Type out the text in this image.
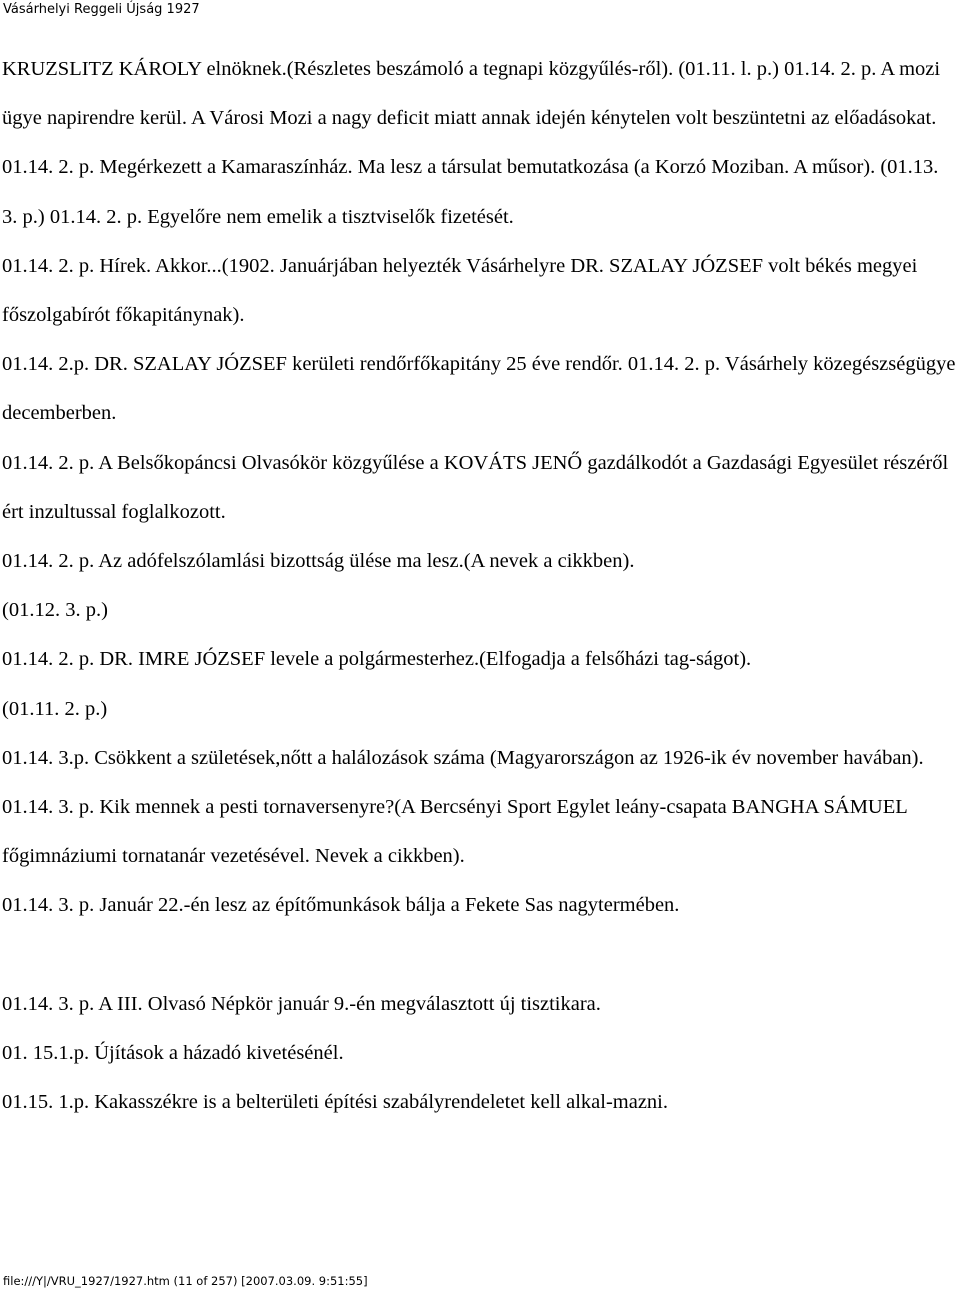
Vásárhelyi Reggeli Újság 1927

KRUZSLITZ KÁROLY elnöknek.(Részletes beszámoló a tegnapi közgyűlés-ről). (01.11. l. p.) 01.14. 2. p. A mozi ügye napirendre kerül. A Városi Mozi a nagy deficit miatt annak idején kénytelen volt beszüntetni az előadásokat.

01.14. 2. p. Megérkezett a Kamaraszínház. Ma lesz a társulat bemutatkozása (a Korzó Moziban. A műsor). (01.13. 3. p.) 01.14. 2. p. Egyelőre nem emelik a tisztviselők fizetését.

01.14. 2. p. Hírek. Akkor...(1902. Januárjában helyezték Vásárhelyre DR. SZALAY JÓZSEF volt békés megyei főszolgabírót főkapitánynak).

01.14. 2.p. DR. SZALAY JÓZSEF kerületi rendőrfőkapitány 25 éve rendőr. 01.14. 2. p. Vásárhely közegészségügye decemberben.

01.14. 2. p. A Belsőkopáncsi Olvasókör közgyűlése a KOVÁTS JENŐ gazdálkodót a Gazdasági Egyesület részéről ért inzultussal foglalkozott.

01.14. 2. p. Az adófelszólamlási bizottság ülése ma lesz.(A nevek a cikkben).

(01.12. 3. p.)

01.14. 2. p. DR. IMRE JÓZSEF levele a polgármesterhez.(Elfogadja a felsőházi tag-ságot).

(01.11. 2. p.)

01.14. 3.p. Csökkent a születések,nőtt a halálozások száma (Magyarországon az 1926-ik év november havában).

01.14. 3. p. Kik mennek a pesti tornaversenyre?(A Bercsényi Sport Egylet leány-csapata BANGHA SÁMUEL főgimnáziumi tornatanár vezetésével. Nevek a cikkben).

01.14. 3. p. Január 22.-én lesz az építőmunkások bálja a Fekete Sas nagytermében.

01.14. 3. p. A III. Olvasó Népkör január 9.-én megválasztott új tisztikara.

01. 15.1.p. Újítások a házadó kivetésénél.

01.15. 1.p. Kakasszékre is a belterületi építési szabályrendeletet kell alkal-mazni.

file:///Y|/VRU_1927/1927.htm (11 of 257) [2007.03.09. 9:51:55]
